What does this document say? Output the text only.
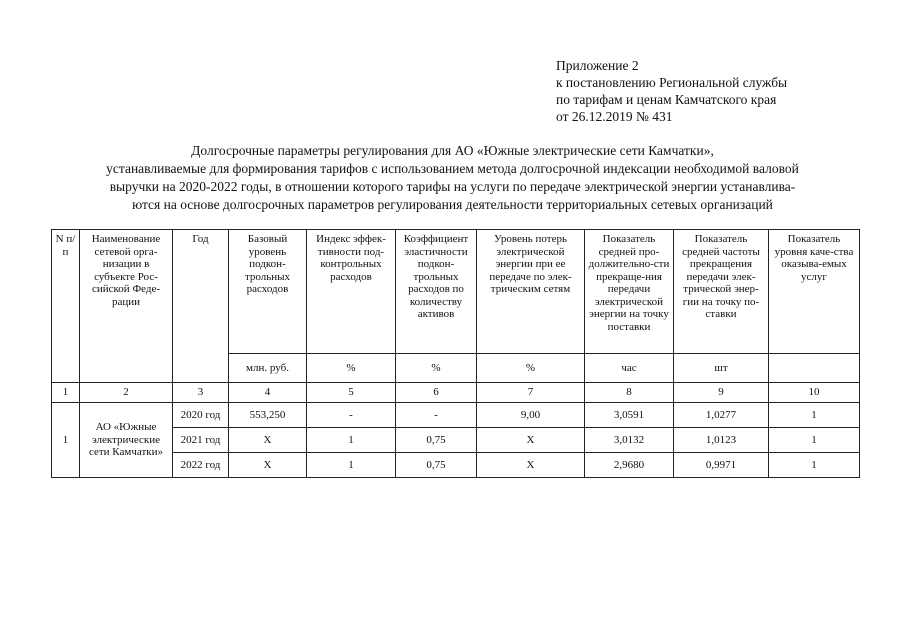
Приложение 2
к постановлению Региональной службы
по тарифам и ценам Камчатского края
от 26.12.2019 № 431
Долгосрочные параметры регулирования для АО «Южные электрические сети Камчатки»,
устанавливаемые для формирования тарифов с использованием метода долгосрочной индексации необходимой валовой
выручки на 2020-2022 годы, в отношении которого тарифы на услуги по передаче электрической энергии устанавлива-
ются на основе долгосрочных параметров регулирования деятельности территориальных сетевых организаций
N п/п	Наименование сетевой орга-низации в субъекте Рос-сийской Феде-рации	Год	Базовый уровень подкон-трольных расходов	Индекс эффек-тивности под-контрольных расходов	Коэффициент эластичности подкон-трольных расходов по количеству активов	Уровень потерь электрической энергии при ее передаче по элек-трическим сетям	Показатель средней про-должительно-сти прекраще-ния передачи электрической энергии на точку поставки	Показатель средней частоты прекращения передачи элек-трической энер-гии на точку по-ставки	Показатель уровня каче-ства оказыва-емых услуг
			млн. руб.	%	%	%	час	шт	
1	2	3	4	5	6	7	8	9	10
1	АО «Южные электрические сети Камчатки»	2020 год	553,250	-	-	9,00	3,0591	1,0277	1
		2021 год	X	1	0,75	X	3,0132	1,0123	1
		2022 год	X	1	0,75	X	2,9680	0,9971	1
